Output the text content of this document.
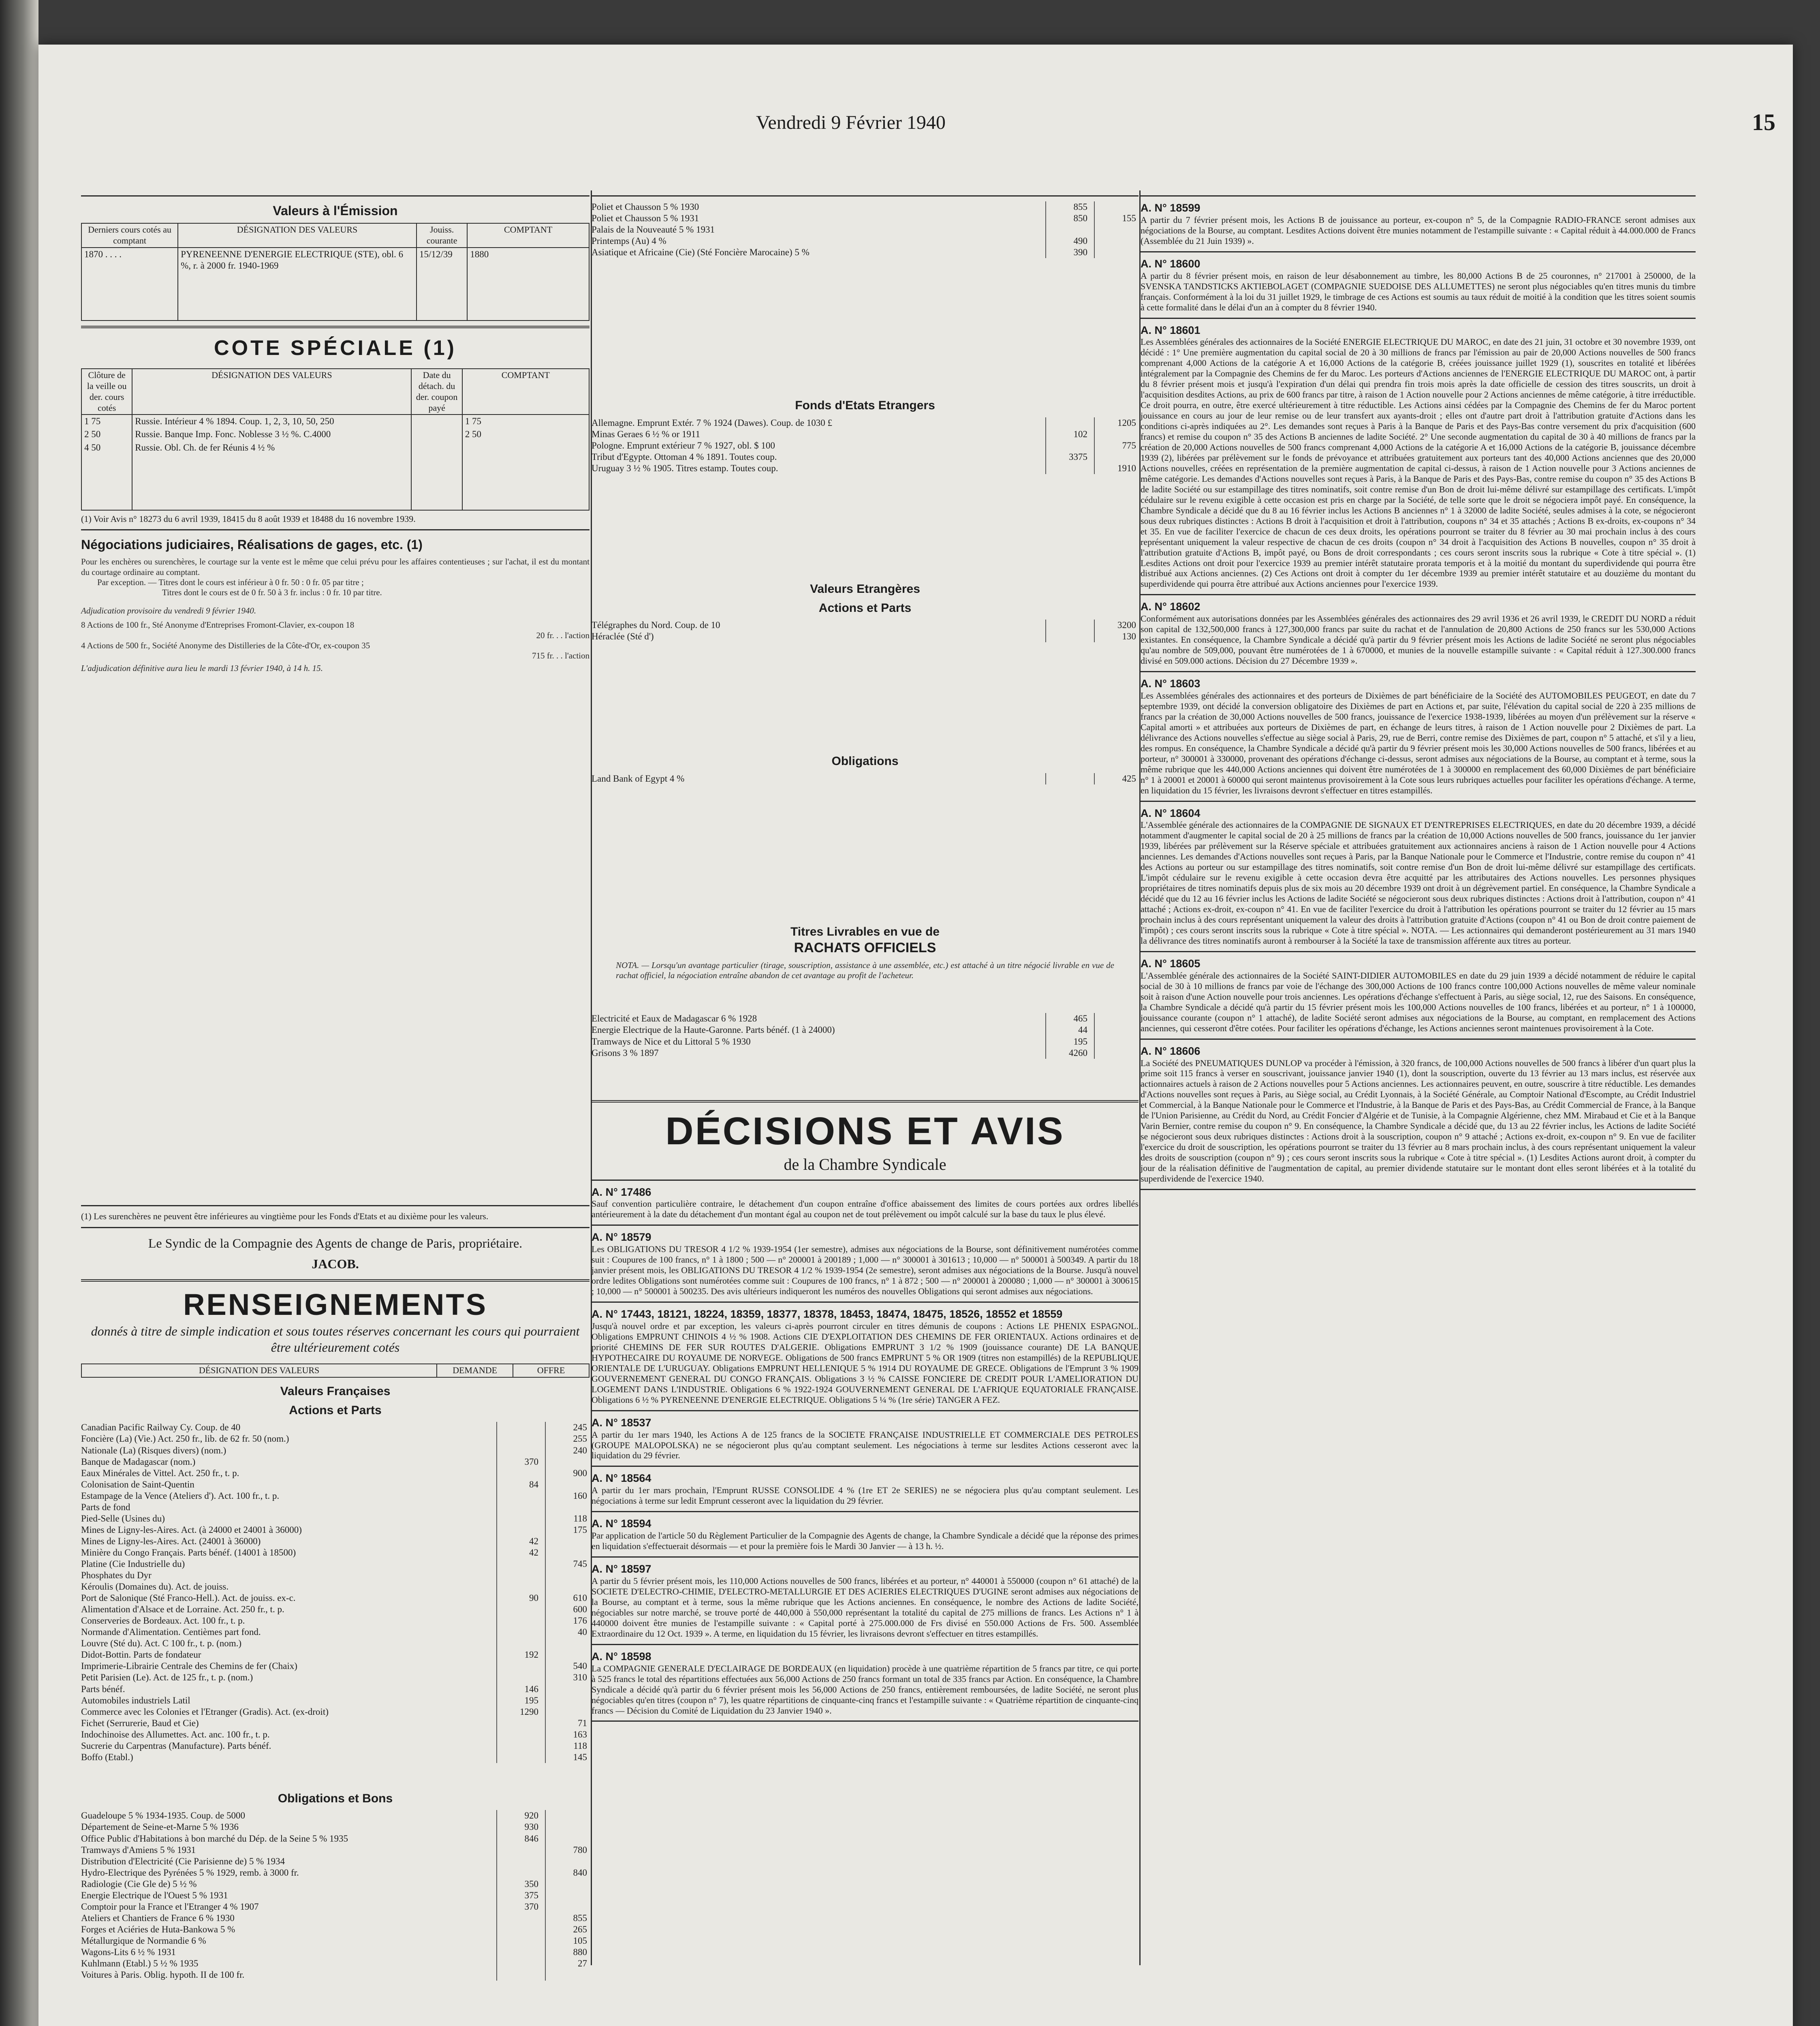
Vendredi 9 Février 1940	15
Valeurs à l'Émission
Derniers cours cotés au comptant	DÉSIGNATION DES VALEURS	Jouiss. courante	COMPTANT
1870 . . . .	PYRENEENNE D'ENERGIE ELECTRIQUE (STE), obl. 6 %, r. à 2000 fr. 1940-1969	15/12/39	1880
COTE SPÉCIALE (1)
Clôture de la veille ou der. cours cotés	DÉSIGNATION DES VALEURS	Date du détach. du der. coupon payé	COMPTANT
1 75	Russie. Intérieur 4 % 1894. Coup. 1, 2, 3, 10, 50, 250		1 75
2 50	Russie. Banque Imp. Fonc. Noblesse 3 ½ %. C.4000		2 50
4 50	Russie. Obl. Ch. de fer Réunis 4 ½ %		
(1) Voir Avis n° 18273 du 6 avril 1939, 18415 du 8 août 1939 et 18488 du 16 novembre 1939.
Négociations judiciaires, Réalisations de gages, etc. (1)
Pour les enchères ou surenchères, le courtage sur la vente est le même que celui prévu pour les affaires contentieuses ; sur l'achat, il est du montant du courtage ordinaire au comptant.
Par exception. — Titres dont le cours est inférieur à 0 fr. 50 : 0 fr. 05 par titre ;
Titres dont le cours est de 0 fr. 50 à 3 fr. inclus : 0 fr. 10 par titre.
Adjudication provisoire du vendredi 9 février 1940.
8 Actions de 100 fr., Sté Anonyme d'Entreprises Fromont-Clavier, ex-coupon 18
20 fr. . . l'action
4 Actions de 500 fr., Société Anonyme des Distilleries de la Côte-d'Or, ex-coupon 35
715 fr. . . l'action
L'adjudication définitive aura lieu le mardi 13 février 1940, à 14 h. 15.
(1) Les surenchères ne peuvent être inférieures au vingtième pour les Fonds d'Etats et au dixième pour les valeurs.
Le Syndic de la Compagnie des Agents de change de Paris, propriétaire.
JACOB.
RENSEIGNEMENTS
donnés à titre de simple indication et sous toutes réserves concernant les cours qui pourraient être ultérieurement cotés
DÉSIGNATION DES VALEURS	DEMANDE	OFFRE
Valeurs Françaises
Actions et Parts
Canadian Pacific Railway Cy. Coup. de 40	245
Foncière (La) (Vie.) Act. 250 fr., lib. de 62 fr. 50 (nom.)	255
Nationale (La) (Risques divers) (nom.)	240
Banque de Madagascar (nom.)	370
Eaux Minérales de Vittel. Act. 250 fr., t. p.	900
Colonisation de Saint-Quentin	84
Estampage de la Vence (Ateliers d'). Act. 100 fr., t. p.	160
Parts de fond
Pied-Selle (Usines du)	118
Mines de Ligny-les-Aires. Act. (à 24000 et 24001 à 36000)	175
Mines de Ligny-les-Aires. Act. (24001 à 36000)	42
Minière du Congo Français. Parts bénéf. (14001 à 18500)	42
Platine (Cie Industrielle du)	745
Phosphates du Dyr
Kéroulis (Domaines du). Act. de jouiss.
Port de Salonique (Sté Franco-Hell.). Act. de jouiss. ex-c.	90	610
Alimentation d'Alsace et de Lorraine. Act. 250 fr., t. p.	600
Conserveries de Bordeaux. Act. 100 fr., t. p.	176
Normande d'Alimentation. Centièmes part fond.	40
Louvre (Sté du). Act. C 100 fr., t. p. (nom.)
Didot-Bottin. Parts de fondateur	192
Imprimerie-Librairie Centrale des Chemins de fer (Chaix)	540
Petit Parisien (Le). Act. de 125 fr., t. p. (nom.)	310
Parts bénéf.	146
Automobiles industriels Latil	195
Commerce avec les Colonies et l'Etranger (Gradis). Act. (ex-droit)	1290
Fichet (Serrurerie, Baud et Cie)	71
Indochinoise des Allumettes. Act. anc. 100 fr., t. p.	163
Sucrerie du Carpentras (Manufacture). Parts bénéf.	118
Boffo (Etabl.)	145
Obligations et Bons
Guadeloupe 5 % 1934-1935. Coup. de 5000	920
Département de Seine-et-Marne 5 % 1936	930
Office Public d'Habitations à bon marché du Dép. de la Seine 5 % 1935	846
Tramways d'Amiens 5 % 1931	780
Distribution d'Electricité (Cie Parisienne de) 5 % 1934
Hydro-Electrique des Pyrénées 5 % 1929, remb. à 3000 fr.	840
Radiologie (Cie Gle de) 5 ½ %	350
Energie Electrique de l'Ouest 5 % 1931	375
Comptoir pour la France et l'Etranger 4 % 1907	370
Ateliers et Chantiers de France 6 % 1930	855
Forges et Aciéries de Huta-Bankowa 5 %	265
Métallurgique de Normandie 6 %	105
Wagons-Lits 6 ½ % 1931	880
Kuhlmann (Etabl.) 5 ½ % 1935	27
Voitures à Paris. Oblig. hypoth. II de 100 fr.
Poliet et Chausson 5 % 1930	855
Poliet et Chausson 5 % 1931	850	155
Palais de la Nouveauté 5 % 1931
Printemps (Au) 4 %	490
Asiatique et Africaine (Cie) (Sté Foncière Marocaine) 5 %	390
Fonds d'Etats Etrangers
Allemagne. Emprunt Extér. 7 % 1924 (Dawes). Coup. de 1030 £	1205
Minas Geraes 6 ½ % or 1911	102
Pologne. Emprunt extérieur 7 % 1927, obl. $ 100	775
Tribut d'Egypte. Ottoman 4 % 1891. Toutes coup.	3375
Uruguay 3 ½ % 1905. Titres estamp. Toutes coup.	1910
Valeurs Etrangères
Actions et Parts
Télégraphes du Nord. Coup. de 10	3200
Héraclée (Sté d')	130
Obligations
Land Bank of Egypt 4 %	425
Titres Livrables en vue de
RACHATS OFFICIELS
NOTA. — Lorsqu'un avantage particulier (tirage, souscription, assistance à une assemblée, etc.) est attaché à un titre négocié livrable en vue de rachat officiel, la négociation entraîne abandon de cet avantage au profit de l'acheteur.
Electricité et Eaux de Madagascar 6 % 1928	465
Energie Electrique de la Haute-Garonne. Parts bénéf. (1 à 24000)	44
Tramways de Nice et du Littoral 5 % 1930	195
Grisons 3 % 1897	4260
DÉCISIONS ET AVIS
de la Chambre Syndicale
A. N° 17486
Sauf convention particulière contraire, le détachement d'un coupon entraîne d'office abaissement des limites de cours portées aux ordres libellés antérieurement à la date du détachement d'un montant égal au coupon net de tout prélèvement ou impôt calculé sur la base du taux le plus élevé.
A. N° 18579
Les OBLIGATIONS DU TRESOR 4 1/2 % 1939-1954 (1er semestre), admises aux négociations de la Bourse, sont définitivement numérotées comme suit : Coupures de 100 francs, n° 1 à 1800 ; 500 — n° 200001 à 200189 ; 1,000 — n° 300001 à 301613 ; 10,000 — n° 500001 à 500349. A partir du 18 janvier présent mois, les OBLIGATIONS DU TRESOR 4 1/2 % 1939-1954 (2e semestre), seront admises aux négociations de la Bourse. Jusqu'à nouvel ordre ledites Obligations sont numérotées comme suit : Coupures de 100 francs, n° 1 à 872 ; 500 — n° 200001 à 200080 ; 1,000 — n° 300001 à 300615 ; 10,000 — n° 500001 à 500235. Des avis ultérieurs indiqueront les numéros des nouvelles Obligations qui seront admises aux négociations.
A. N° 17443, 18121, 18224, 18359, 18377, 18378, 18453, 18474, 18475, 18526, 18552 et 18559
Jusqu'à nouvel ordre et par exception, les valeurs ci-après pourront circuler en titres démunis de coupons : Actions LE PHENIX ESPAGNOL. Obligations EMPRUNT CHINOIS 4 ½ % 1908. Actions CIE D'EXPLOITATION DES CHEMINS DE FER ORIENTAUX. Actions ordinaires et de priorité CHEMINS DE FER SUR ROUTES D'ALGERIE. Obligations EMPRUNT 3 1/2 % 1909 (jouissance courante) DE LA BANQUE HYPOTHECAIRE DU ROYAUME DE NORVEGE. Obligations de 500 francs EMPRUNT 5 % OR 1909 (titres non estampillés) de la REPUBLIQUE ORIENTALE DE L'URUGUAY. Obligations EMPRUNT HELLENIQUE 5 % 1914 DU ROYAUME DE GRECE. Obligations de l'Emprunt 3 % 1909 GOUVERNEMENT GENERAL DU CONGO FRANÇAIS. Obligations 3 ½ % CAISSE FONCIERE DE CREDIT POUR L'AMELIORATION DU LOGEMENT DANS L'INDUSTRIE. Obligations 6 % 1922-1924 GOUVERNEMENT GENERAL DE L'AFRIQUE EQUATORIALE FRANÇAISE. Obligations 6 ½ % PYRENEENNE D'ENERGIE ELECTRIQUE. Obligations 5 ¼ % (1re série) TANGER A FEZ.
A. N° 18537
A partir du 1er mars 1940, les Actions A de 125 francs de la SOCIETE FRANÇAISE INDUSTRIELLE ET COMMERCIALE DES PETROLES (GROUPE MALOPOLSKA) ne se négocieront plus qu'au comptant seulement. Les négociations à terme sur lesdites Actions cesseront avec la liquidation du 29 février.
A. N° 18564
A partir du 1er mars prochain, l'Emprunt RUSSE CONSOLIDE 4 % (1re ET 2e SERIES) ne se négociera plus qu'au comptant seulement. Les négociations à terme sur ledit Emprunt cesseront avec la liquidation du 29 février.
A. N° 18594
Par application de l'article 50 du Règlement Particulier de la Compagnie des Agents de change, la Chambre Syndicale a décidé que la réponse des primes en liquidation s'effectuerait désormais — et pour la première fois le Mardi 30 Janvier — à 13 h. ½.
A. N° 18597
A partir du 5 février présent mois, les 110,000 Actions nouvelles de 500 francs, libérées et au porteur, n° 440001 à 550000 (coupon n° 61 attaché) de la SOCIETE D'ELECTRO-CHIMIE, D'ELECTRO-METALLURGIE ET DES ACIERIES ELECTRIQUES D'UGINE seront admises aux négociations de la Bourse, au comptant et à terme, sous la même rubrique que les Actions anciennes. En conséquence, le nombre des Actions de ladite Société, négociables sur notre marché, se trouve porté de 440,000 à 550,000 représentant la totalité du capital de 275 millions de francs. Les Actions n° 1 à 440000 doivent être munies de l'estampille suivante : « Capital porté à 275.000.000 de Frs divisé en 550.000 Actions de Frs. 500. Assemblée Extraordinaire du 12 Oct. 1939 ». A terme, en liquidation du 15 février, les livraisons devront s'effectuer en titres estampillés.
A. N° 18598
La COMPAGNIE GENERALE D'ECLAIRAGE DE BORDEAUX (en liquidation) procède à une quatrième répartition de 5 francs par titre, ce qui porte à 525 francs le total des répartitions effectuées aux 56,000 Actions de 250 francs formant un total de 335 francs par Action. En conséquence, la Chambre Syndicale a décidé qu'à partir du 6 février présent mois les 56,000 Actions de 250 francs, entièrement remboursées, de ladite Société, ne seront plus négociables qu'en titres (coupon n° 7), les quatre répartitions de cinquante-cinq francs et l'estampille suivante : « Quatrième répartition de cinquante-cinq francs — Décision du Comité de Liquidation du 23 Janvier 1940 ».
A. N° 18599
A partir du 7 février présent mois, les Actions B de jouissance au porteur, ex-coupon n° 5, de la Compagnie RADIO-FRANCE seront admises aux négociations de la Bourse, au comptant. Lesdites Actions doivent être munies notamment de l'estampille suivante : « Capital réduit à 44.000.000 de Francs (Assemblée du 21 Juin 1939) ».
A. N° 18600
A partir du 8 février présent mois, en raison de leur désabonnement au timbre, les 80,000 Actions B de 25 couronnes, n° 217001 à 250000, de la SVENSKA TANDSTICKS AKTIEBOLAGET (COMPAGNIE SUEDOISE DES ALLUMETTES) ne seront plus négociables qu'en titres munis du timbre français. Conformément à la loi du 31 juillet 1929, le timbrage de ces Actions est soumis au taux réduit de moitié à la condition que les titres soient soumis à cette formalité dans le délai d'un an à compter du 8 février 1940.
A. N° 18601
Les Assemblées générales des actionnaires de la Société ENERGIE ELECTRIQUE DU MAROC, en date des 21 juin, 31 octobre et 30 novembre 1939, ont décidé : 1° Une première augmentation du capital social de 20 à 30 millions de francs par l'émission au pair de 20,000 Actions nouvelles de 500 francs comprenant 4,000 Actions de la catégorie A et 16,000 Actions de la catégorie B, créées jouissance juillet 1929 (1), souscrites en totalité et libérées intégralement par la Compagnie des Chemins de fer du Maroc. Les porteurs d'Actions anciennes de l'ENERGIE ELECTRIQUE DU MAROC ont, à partir du 8 février présent mois et jusqu'à l'expiration d'un délai qui prendra fin trois mois après la date officielle de cession des titres souscrits, un droit à l'acquisition desdites Actions, au prix de 600 francs par titre, à raison de 1 Action nouvelle pour 2 Actions anciennes de même catégorie, à titre irréductible. Ce droit pourra, en outre, être exercé ultérieurement à titre réductible. Les Actions ainsi cédées par la Compagnie des Chemins de fer du Maroc portent jouissance en cours au jour de leur remise ou de leur transfert aux ayants-droit ; elles ont d'autre part droit à l'attribution gratuite d'Actions dans les conditions ci-après indiquées au 2°. Les demandes sont reçues à Paris à la Banque de Paris et des Pays-Bas contre versement du prix d'acquisition (600 francs) et remise du coupon n° 35 des Actions B anciennes de ladite Société. 2° Une seconde augmentation du capital de 30 à 40 millions de francs par la création de 20,000 Actions nouvelles de 500 francs comprenant 4,000 Actions de la catégorie A et 16,000 Actions de la catégorie B, jouissance décembre 1939 (2), libérées par prélèvement sur le fonds de prévoyance et attribuées gratuitement aux porteurs tant des 40,000 Actions anciennes que des 20,000 Actions nouvelles, créées en représentation de la première augmentation de capital ci-dessus, à raison de 1 Action nouvelle pour 3 Actions anciennes de même catégorie. Les demandes d'Actions nouvelles sont reçues à Paris, à la Banque de Paris et des Pays-Bas, contre remise du coupon n° 35 des Actions B de ladite Société ou sur estampillage des titres nominatifs, soit contre remise d'un Bon de droit lui-même délivré sur estampillage des certificats. L'impôt cédulaire sur le revenu exigible à cette occasion est pris en charge par la Société, de telle sorte que le droit se négociera impôt payé. En conséquence, la Chambre Syndicale a décidé que du 8 au 16 février inclus les Actions B anciennes n° 1 à 32000 de ladite Société, seules admises à la cote, se négocieront sous deux rubriques distinctes : Actions B droit à l'acquisition et droit à l'attribution, coupons n° 34 et 35 attachés ; Actions B ex-droits, ex-coupons n° 34 et 35. En vue de faciliter l'exercice de chacun de ces deux droits, les opérations pourront se traiter du 8 février au 30 mai prochain inclus à des cours représentant uniquement la valeur respective de chacun de ces droits (coupon n° 34 droit à l'acquisition des Actions B nouvelles, coupon n° 35 droit à l'attribution gratuite d'Actions B, impôt payé, ou Bons de droit correspondants ; ces cours seront inscrits sous la rubrique « Cote à titre spécial ». (1) Lesdites Actions ont droit pour l'exercice 1939 au premier intérêt statutaire prorata temporis et à la moitié du montant du superdividende qui pourra être distribué aux Actions anciennes. (2) Ces Actions ont droit à compter du 1er décembre 1939 au premier intérêt statutaire et au douzième du montant du superdividende qui pourra être attribué aux Actions anciennes pour l'exercice 1939.
A. N° 18602
Conformément aux autorisations données par les Assemblées générales des actionnaires des 29 avril 1936 et 26 avril 1939, le CREDIT DU NORD a réduit son capital de 132,500,000 francs à 127,300,000 francs par suite du rachat et de l'annulation de 20,800 Actions de 250 francs sur les 530,000 Actions existantes. En conséquence, la Chambre Syndicale a décidé qu'à partir du 9 février présent mois les Actions de ladite Société ne seront plus négociables qu'au nombre de 509,000, pouvant être numérotées de 1 à 670000, et munies de la nouvelle estampille suivante : « Capital réduit à 127.300.000 francs divisé en 509.000 actions. Décision du 27 Décembre 1939 ».
A. N° 18603
Les Assemblées générales des actionnaires et des porteurs de Dixièmes de part bénéficiaire de la Société des AUTOMOBILES PEUGEOT, en date du 7 septembre 1939, ont décidé la conversion obligatoire des Dixièmes de part en Actions et, par suite, l'élévation du capital social de 220 à 235 millions de francs par la création de 30,000 Actions nouvelles de 500 francs, jouissance de l'exercice 1938-1939, libérées au moyen d'un prélèvement sur la réserve « Capital amorti » et attribuées aux porteurs de Dixièmes de part, en échange de leurs titres, à raison de 1 Action nouvelle pour 2 Dixièmes de part. La délivrance des Actions nouvelles s'effectue au siège social à Paris, 29, rue de Berri, contre remise des Dixièmes de part, coupon n° 5 attaché, et s'il y a lieu, des rompus. En conséquence, la Chambre Syndicale a décidé qu'à partir du 9 février présent mois les 30,000 Actions nouvelles de 500 francs, libérées et au porteur, n° 300001 à 330000, provenant des opérations d'échange ci-dessus, seront admises aux négociations de la Bourse, au comptant et à terme, sous la même rubrique que les 440,000 Actions anciennes qui doivent être numérotées de 1 à 300000 en remplacement des 60,000 Dixièmes de part bénéficiaire n° 1 à 20001 et 20001 à 60000 qui seront maintenus provisoirement à la Cote sous leurs rubriques actuelles pour faciliter les opérations d'échange. A terme, en liquidation du 15 février, les livraisons devront s'effectuer en titres estampillés.
A. N° 18604
L'Assemblée générale des actionnaires de la COMPAGNIE DE SIGNAUX ET D'ENTREPRISES ELECTRIQUES, en date du 20 décembre 1939, a décidé notamment d'augmenter le capital social de 20 à 25 millions de francs par la création de 10,000 Actions nouvelles de 500 francs, jouissance du 1er janvier 1939, libérées par prélèvement sur la Réserve spéciale et attribuées gratuitement aux actionnaires anciens à raison de 1 Action nouvelle pour 4 Actions anciennes. Les demandes d'Actions nouvelles sont reçues à Paris, par la Banque Nationale pour le Commerce et l'Industrie, contre remise du coupon n° 41 des Actions au porteur ou sur estampillage des titres nominatifs, soit contre remise d'un Bon de droit lui-même délivré sur estampillage des certificats. L'impôt cédulaire sur le revenu exigible à cette occasion devra être acquitté par les attributaires des Actions nouvelles. Les personnes physiques propriétaires de titres nominatifs depuis plus de six mois au 20 décembre 1939 ont droit à un dégrèvement partiel. En conséquence, la Chambre Syndicale a décidé que du 12 au 16 février inclus les Actions de ladite Société se négocieront sous deux rubriques distinctes : Actions droit à l'attribution, coupon n° 41 attaché ; Actions ex-droit, ex-coupon n° 41. En vue de faciliter l'exercice du droit à l'attribution les opérations pourront se traiter du 12 février au 15 mars prochain inclus à des cours représentant uniquement la valeur des droits à l'attribution gratuite d'Actions (coupon n° 41 ou Bon de droit contre paiement de l'impôt) ; ces cours seront inscrits sous la rubrique « Cote à titre spécial ». NOTA. — Les actionnaires qui demanderont postérieurement au 31 mars 1940 la délivrance des titres nominatifs auront à rembourser à la Société la taxe de transmission afférente aux titres au porteur.
A. N° 18605
L'Assemblée générale des actionnaires de la Société SAINT-DIDIER AUTOMOBILES en date du 29 juin 1939 a décidé notamment de réduire le capital social de 30 à 10 millions de francs par voie de l'échange des 300,000 Actions de 100 francs contre 100,000 Actions nouvelles de même valeur nominale soit à raison d'une Action nouvelle pour trois anciennes. Les opérations d'échange s'effectuent à Paris, au siège social, 12, rue des Saisons. En conséquence, la Chambre Syndicale a décidé qu'à partir du 15 février présent mois les 100,000 Actions nouvelles de 100 francs, libérées et au porteur, n° 1 à 100000, jouissance courante (coupon n° 1 attaché), de ladite Société seront admises aux négociations de la Bourse, au comptant, en remplacement des Actions anciennes, qui cesseront d'être cotées. Pour faciliter les opérations d'échange, les Actions anciennes seront maintenues provisoirement à la Cote.
A. N° 18606
La Société des PNEUMATIQUES DUNLOP va procéder à l'émission, à 320 francs, de 100,000 Actions nouvelles de 500 francs à libérer d'un quart plus la prime soit 115 francs à verser en souscrivant, jouissance janvier 1940 (1), dont la souscription, ouverte du 13 février au 13 mars inclus, est réservée aux actionnaires actuels à raison de 2 Actions nouvelles pour 5 Actions anciennes. Les actionnaires peuvent, en outre, souscrire à titre réductible. Les demandes d'Actions nouvelles sont reçues à Paris, au Siège social, au Crédit Lyonnais, à la Société Générale, au Comptoir National d'Escompte, au Crédit Industriel et Commercial, à la Banque Nationale pour le Commerce et l'Industrie, à la Banque de Paris et des Pays-Bas, au Crédit Commercial de France, à la Banque de l'Union Parisienne, au Crédit du Nord, au Crédit Foncier d'Algérie et de Tunisie, à la Compagnie Algérienne, chez MM. Mirabaud et Cie et à la Banque Varin Bernier, contre remise du coupon n° 9. En conséquence, la Chambre Syndicale a décidé que, du 13 au 22 février inclus, les Actions de ladite Société se négocieront sous deux rubriques distinctes : Actions droit à la souscription, coupon n° 9 attaché ; Actions ex-droit, ex-coupon n° 9. En vue de faciliter l'exercice du droit de souscription, les opérations pourront se traiter du 13 février au 8 mars prochain inclus, à des cours représentant uniquement la valeur des droits de souscription (coupon n° 9) ; ces cours seront inscrits sous la rubrique « Cote à titre spécial ». (1) Lesdites Actions auront droit, à compter du jour de la réalisation définitive de l'augmentation de capital, au premier dividende statutaire sur le montant dont elles seront libérées et à la totalité du superdividende de l'exercice 1940.
